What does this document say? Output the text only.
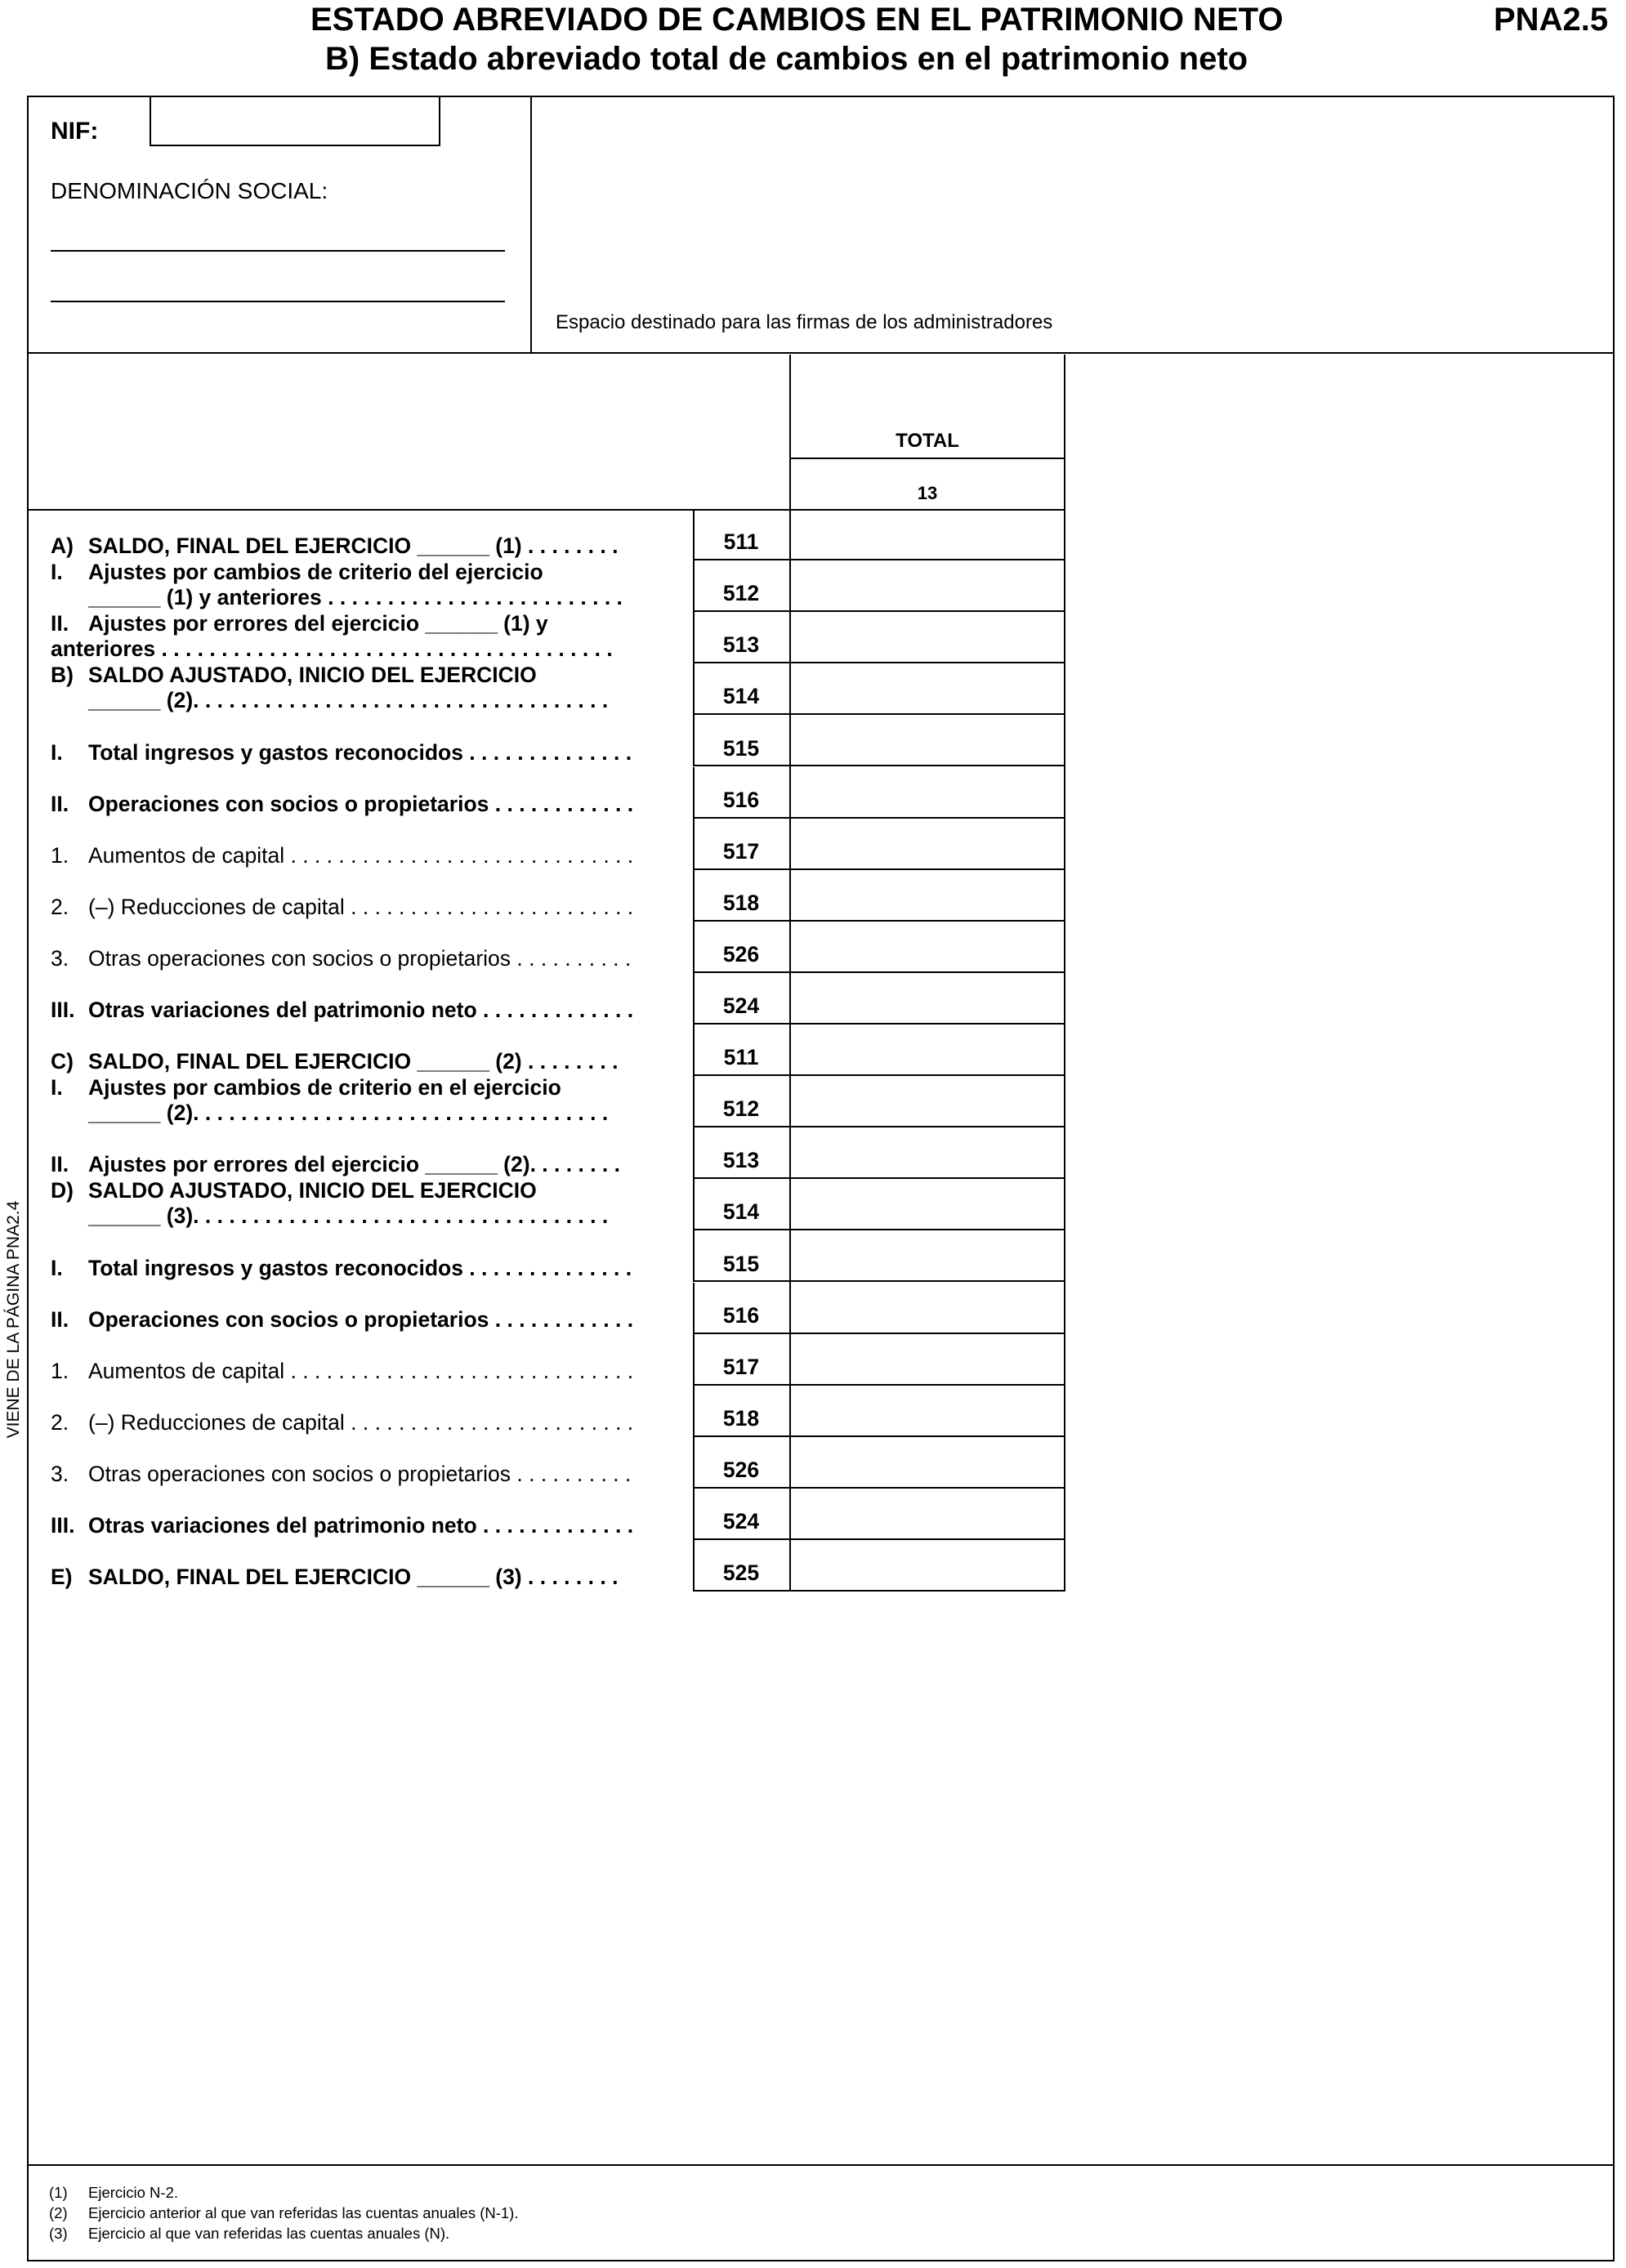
ESTADO ABREVIADO DE CAMBIOS EN EL PATRIMONIO NETO
B) Estado abreviado total de cambios en el patrimonio neto
PNA2.5
NIF:
DENOMINACIÓN SOCIAL:
Espacio destinado para las firmas de los administradores
TOTAL
13
511
A) SALDO, FINAL DEL EJERCICIO ______ (1) . . . . . . . .
512
I. Ajustes por cambios de criterio del ejercicio
______ (1) y anteriores . . . . . . . . . . . . . . . . . . . . . . . . .
513
II. Ajustes por errores del ejercicio ______ (1) y
anteriores . . . . . . . . . . . . . . . . . . . . . . . . . . . . . . . . . . . . . .
514
B) SALDO AJUSTADO, INICIO DEL EJERCICIO
______ (2). . . . . . . . . . . . . . . . . . . . . . . . . . . . . . . . . . .
515
I. Total ingresos y gastos reconocidos . . . . . . . . . . . . . .
516
II. Operaciones con socios o propietarios . . . . . . . . . . . .
517
1. Aumentos de capital . . . . . . . . . . . . . . . . . . . . . . . . . . . . .
518
2. (–) Reducciones de capital . . . . . . . . . . . . . . . . . . . . . . . .
526
3. Otras operaciones con socios o propietarios . . . . . . . . . .
524
III. Otras variaciones del patrimonio neto . . . . . . . . . . . . .
511
C) SALDO, FINAL DEL EJERCICIO ______ (2) . . . . . . . .
512
I. Ajustes por cambios de criterio en el ejercicio
______ (2). . . . . . . . . . . . . . . . . . . . . . . . . . . . . . . . . . .
513
II. Ajustes por errores del ejercicio ______ (2). . . . . . . .
514
D) SALDO AJUSTADO, INICIO DEL EJERCICIO
______ (3). . . . . . . . . . . . . . . . . . . . . . . . . . . . . . . . . . .
515
I. Total ingresos y gastos reconocidos . . . . . . . . . . . . . .
516
II. Operaciones con socios o propietarios . . . . . . . . . . . .
517
1. Aumentos de capital . . . . . . . . . . . . . . . . . . . . . . . . . . . . .
518
2. (–) Reducciones de capital . . . . . . . . . . . . . . . . . . . . . . . .
526
3. Otras operaciones con socios o propietarios . . . . . . . . . .
524
III. Otras variaciones del patrimonio neto . . . . . . . . . . . . .
525
E) SALDO, FINAL DEL EJERCICIO ______ (3) . . . . . . . .
VIENE DE LA PÁGINA PNA2.4
(1) Ejercicio N-2.
(2) Ejercicio anterior al que van referidas las cuentas anuales (N-1).
(3) Ejercicio al que van referidas las cuentas anuales (N).
